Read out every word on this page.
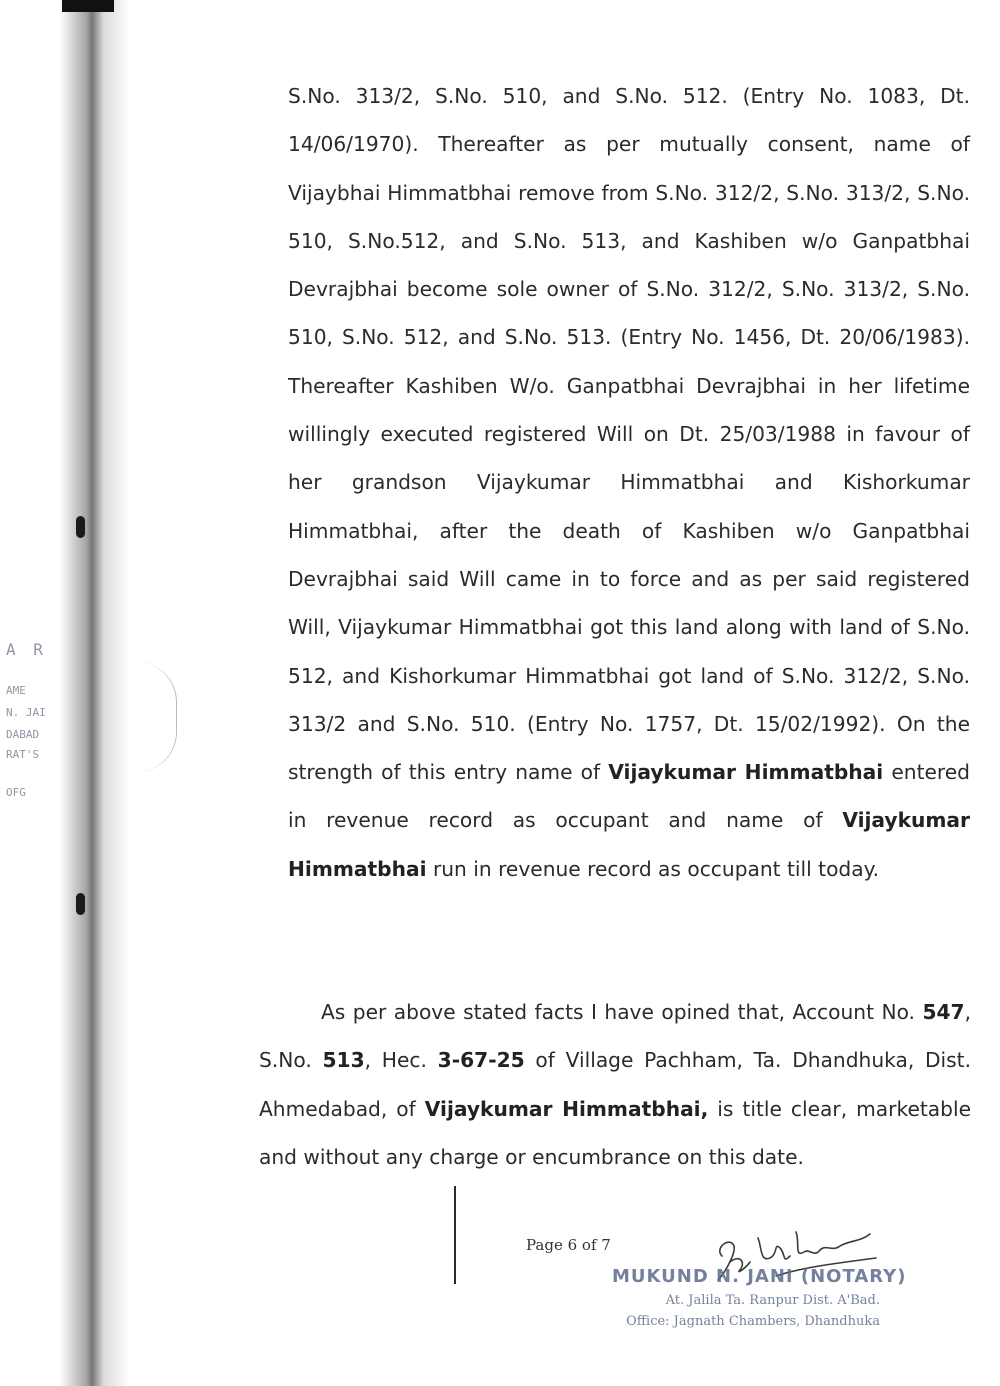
A R
AME
N. JAI
DABAD
RAT'S
OFG

S.No. 313/2, S.No. 510, and S.No. 512. (Entry No. 1083, Dt. 14/06/1970). Thereafter as per mutually consent, name of Vijaybhai Himmatbhai remove from S.No. 312/2, S.No. 313/2, S.No. 510, S.No.512, and S.No. 513, and Kashiben w/o Ganpatbhai Devrajbhai become sole owner of S.No. 312/2, S.No. 313/2, S.No. 510, S.No. 512, and S.No. 513. (Entry No. 1456, Dt. 20/06/1983). Thereafter Kashiben W/o. Ganpatbhai Devrajbhai in her lifetime willingly executed registered Will on Dt. 25/03/1988 in favour of her grandson Vijaykumar Himmatbhai and Kishorkumar Himmatbhai, after the death of Kashiben w/o Ganpatbhai Devrajbhai said Will came in to force and as per said registered Will, Vijaykumar Himmatbhai got this land along with land of S.No. 512, and Kishorkumar Himmatbhai got land of S.No. 312/2, S.No. 313/2 and S.No. 510. (Entry No. 1757, Dt. 15/02/1992). On the strength of this entry name of Vijaykumar Himmatbhai entered in revenue record as occupant and name of Vijaykumar Himmatbhai run in revenue record as occupant till today.

As per above stated facts I have opined that, Account No. 547, S.No. 513, Hec. 3-67-25 of Village Pachham, Ta. Dhandhuka, Dist. Ahmedabad, of Vijaykumar Himmatbhai, is title clear, marketable and without any charge or encumbrance on this date.

Page 6 of 7
MUKUND N. JANI (NOTARY)
At. Jalila Ta. Ranpur Dist. A'Bad.
Office: Jagnath Chambers, Dhandhuka
